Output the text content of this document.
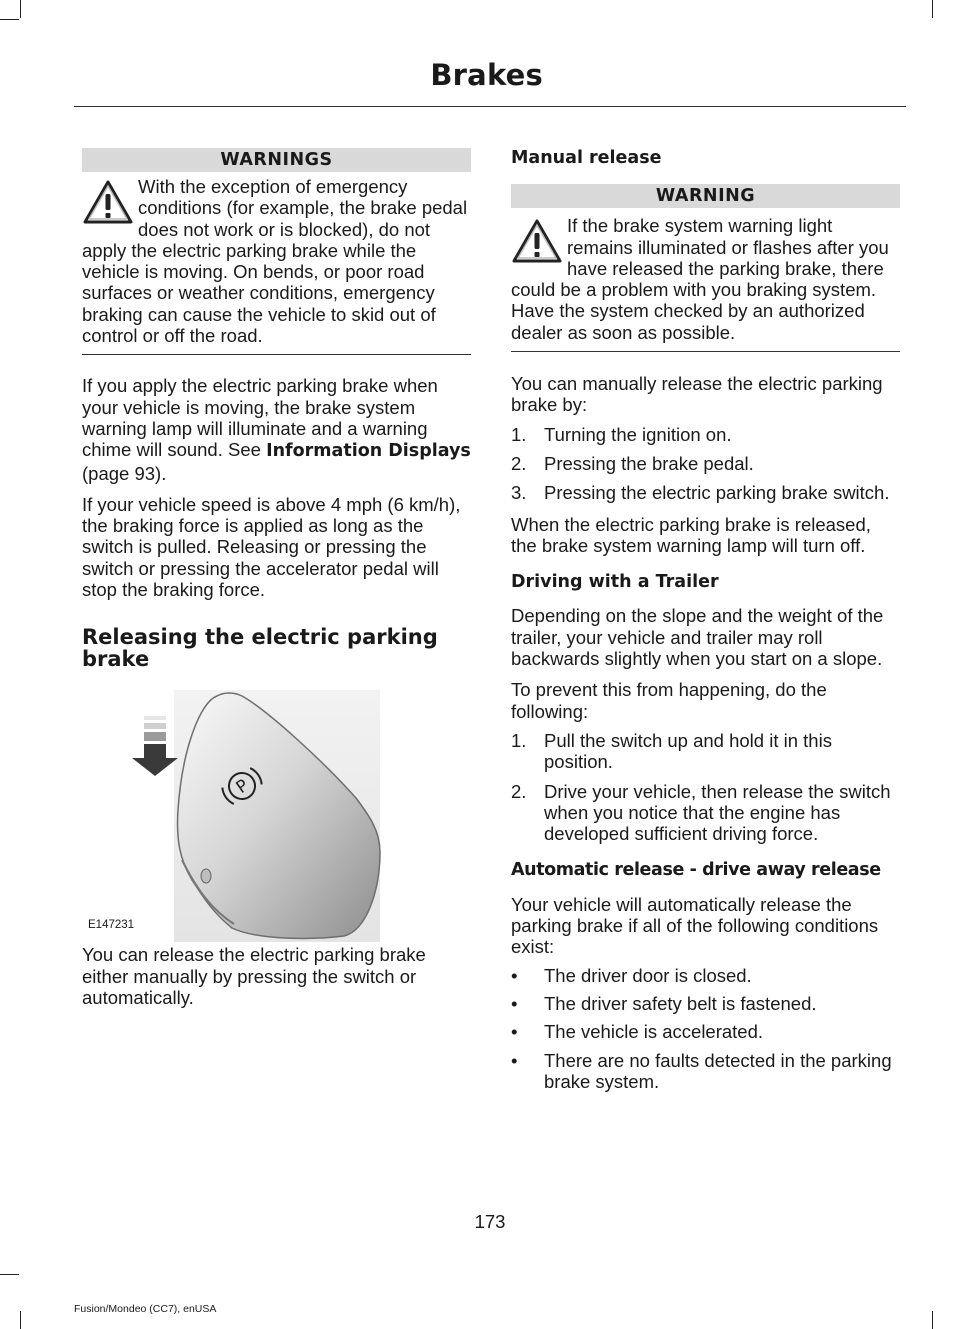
Brakes
WARNINGS

With the exception of emergency conditions (for example, the brake pedal does not work or is blocked), do not apply the electric parking brake while the vehicle is moving. On bends, or poor road surfaces or weather conditions, emergency braking can cause the vehicle to skid out of control or off the road.

If you apply the electric parking brake when your vehicle is moving, the brake system warning lamp will illuminate and a warning chime will sound. See Information Displays (page 93).

If your vehicle speed is above 4 mph (6 km/h), the braking force is applied as long as the switch is pulled. Releasing or pressing the switch or pressing the accelerator pedal will stop the braking force.

Releasing the electric parking brake
P
E147231

You can release the electric parking brake either manually by pressing the switch or automatically.

Manual release
WARNING

If the brake system warning light remains illuminated or flashes after you have released the parking brake, there could be a problem with you braking system. Have the system checked by an authorized dealer as soon as possible.

You can manually release the electric parking brake by:

1. Turning the ignition on.
2. Pressing the brake pedal.
3. Pressing the electric parking brake switch.

When the electric parking brake is released, the brake system warning lamp will turn off.

Driving with a Trailer

Depending on the slope and the weight of the trailer, your vehicle and trailer may roll backwards slightly when you start on a slope.

To prevent this from happening, do the following:

1. Pull the switch up and hold it in this position.
2. Drive your vehicle, then release the switch when you notice that the engine has developed sufficient driving force.
Automatic release - drive away release

Your vehicle will automatically release the parking brake if all of the following conditions exist:

•	The driver door is closed.
•	The driver safety belt is fastened.
•	The vehicle is accelerated.
•	There are no faults detected in the parking brake system.
173
Fusion/Mondeo (CC7), enUSA
